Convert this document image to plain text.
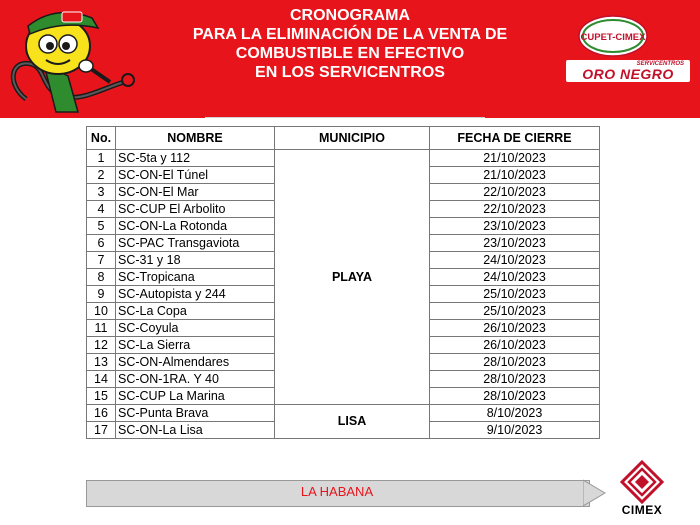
CRONOGRAMA
PARA LA ELIMINACIÓN DE LA VENTA DE
COMBUSTIBLE EN EFECTIVO
EN LOS SERVICENTROS
CUPET-CIMEX
SERVICENTROS
ORO NEGRO
No.	NOMBRE	MUNICIPIO	FECHA DE CIERRE
1	SC-5ta y 112	PLAYA	21/10/2023
2	SC-ON-El Túnel		21/10/2023
3	SC-ON-El Mar		22/10/2023
4	SC-CUP El Arbolito		22/10/2023
5	SC-ON-La Rotonda		23/10/2023
6	SC-PAC Transgaviota		23/10/2023
7	SC-31 y 18		24/10/2023
8	SC-Tropicana		24/10/2023
9	SC-Autopista y 244		25/10/2023
10	SC-La Copa		25/10/2023
11	SC-Coyula		26/10/2023
12	SC-La Sierra		26/10/2023
13	SC-ON-Almendares		28/10/2023
14	SC-ON-1RA. Y 40		28/10/2023
15	SC-CUP La Marina		28/10/2023
16	SC-Punta Brava	LISA	8/10/2023
17	SC-ON-La Lisa		9/10/2023
LA HABANA
CIMEX
